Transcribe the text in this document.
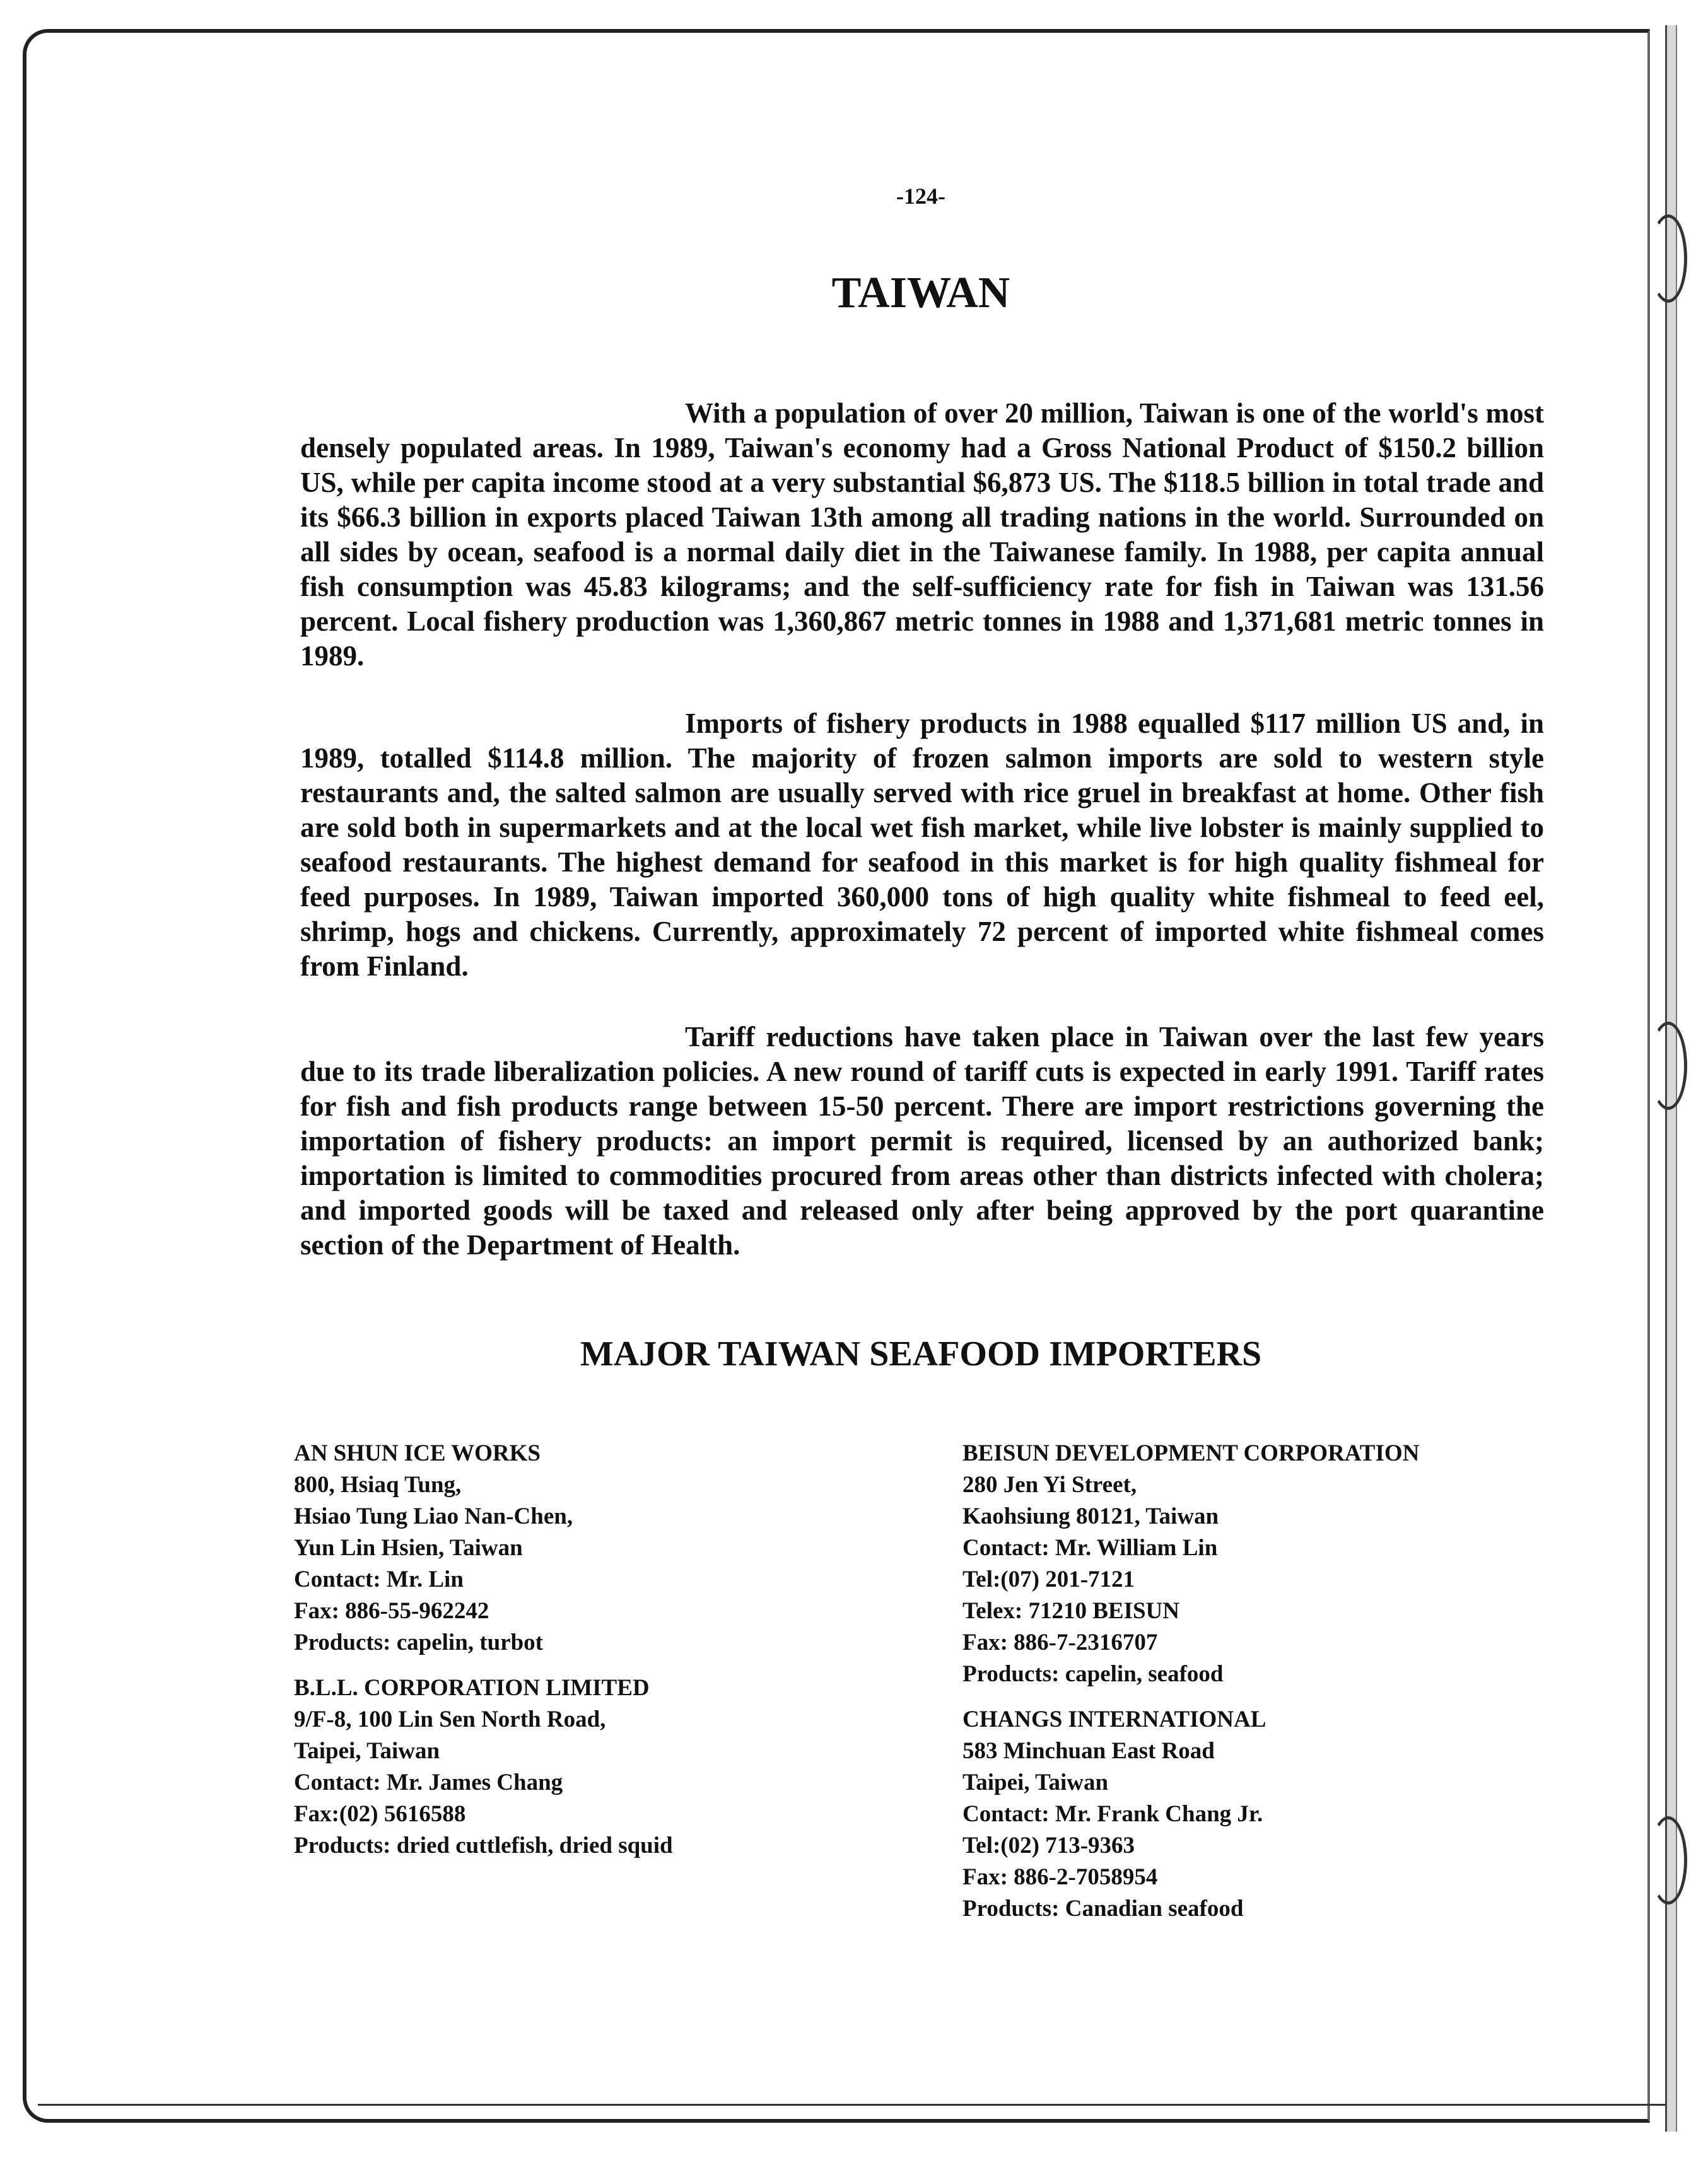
-124-
TAIWAN

With a population of over 20 million, Taiwan is one of the world's most densely populated areas. In 1989, Taiwan's economy had a Gross National Product of $150.2 billion US, while per capita income stood at a very substantial $6,873 US. The $118.5 billion in total trade and its $66.3 billion in exports placed Taiwan 13th among all trading nations in the world. Surrounded on all sides by ocean, seafood is a normal daily diet in the Taiwanese family. In 1988, per capita annual fish consumption was 45.83 kilograms; and the self-sufficiency rate for fish in Taiwan was 131.56 percent. Local fishery production was 1,360,867 metric tonnes in 1988 and 1,371,681 metric tonnes in 1989.

Imports of fishery products in 1988 equalled $117 million US and, in 1989, totalled $114.8 million. The majority of frozen salmon imports are sold to western style restaurants and, the salted salmon are usually served with rice gruel in breakfast at home. Other fish are sold both in supermarkets and at the local wet fish market, while live lobster is mainly supplied to seafood restaurants. The highest demand for seafood in this market is for high quality fishmeal for feed purposes. In 1989, Taiwan imported 360,000 tons of high quality white fishmeal to feed eel, shrimp, hogs and chickens. Currently, approximately 72 percent of imported white fishmeal comes from Finland.

Tariff reductions have taken place in Taiwan over the last few years due to its trade liberalization policies. A new round of tariff cuts is expected in early 1991. Tariff rates for fish and fish products range between 15-50 percent. There are import restrictions governing the importation of fishery products: an import permit is required, licensed by an authorized bank; importation is limited to commodities procured from areas other than districts infected with cholera; and imported goods will be taxed and released only after being approved by the port quarantine section of the Department of Health.

MAJOR TAIWAN SEAFOOD IMPORTERS
AN SHUN ICE WORKS
800, Hsiaq Tung,
Hsiao Tung Liao Nan-Chen,
Yun Lin Hsien, Taiwan
Contact: Mr. Lin
Fax: 886-55-962242
Products: capelin, turbot
B.L.L. CORPORATION LIMITED
9/F-8, 100 Lin Sen North Road,
Taipei, Taiwan
Contact: Mr. James Chang
Fax:(02) 5616588
Products: dried cuttlefish, dried squid
BEISUN DEVELOPMENT CORPORATION
280 Jen Yi Street,
Kaohsiung 80121, Taiwan
Contact: Mr. William Lin
Tel:(07) 201-7121
Telex: 71210 BEISUN
Fax: 886-7-2316707
Products: capelin, seafood
CHANGS INTERNATIONAL
583 Minchuan East Road
Taipei, Taiwan
Contact: Mr. Frank Chang Jr.
Tel:(02) 713-9363
Fax: 886-2-7058954
Products: Canadian seafood
